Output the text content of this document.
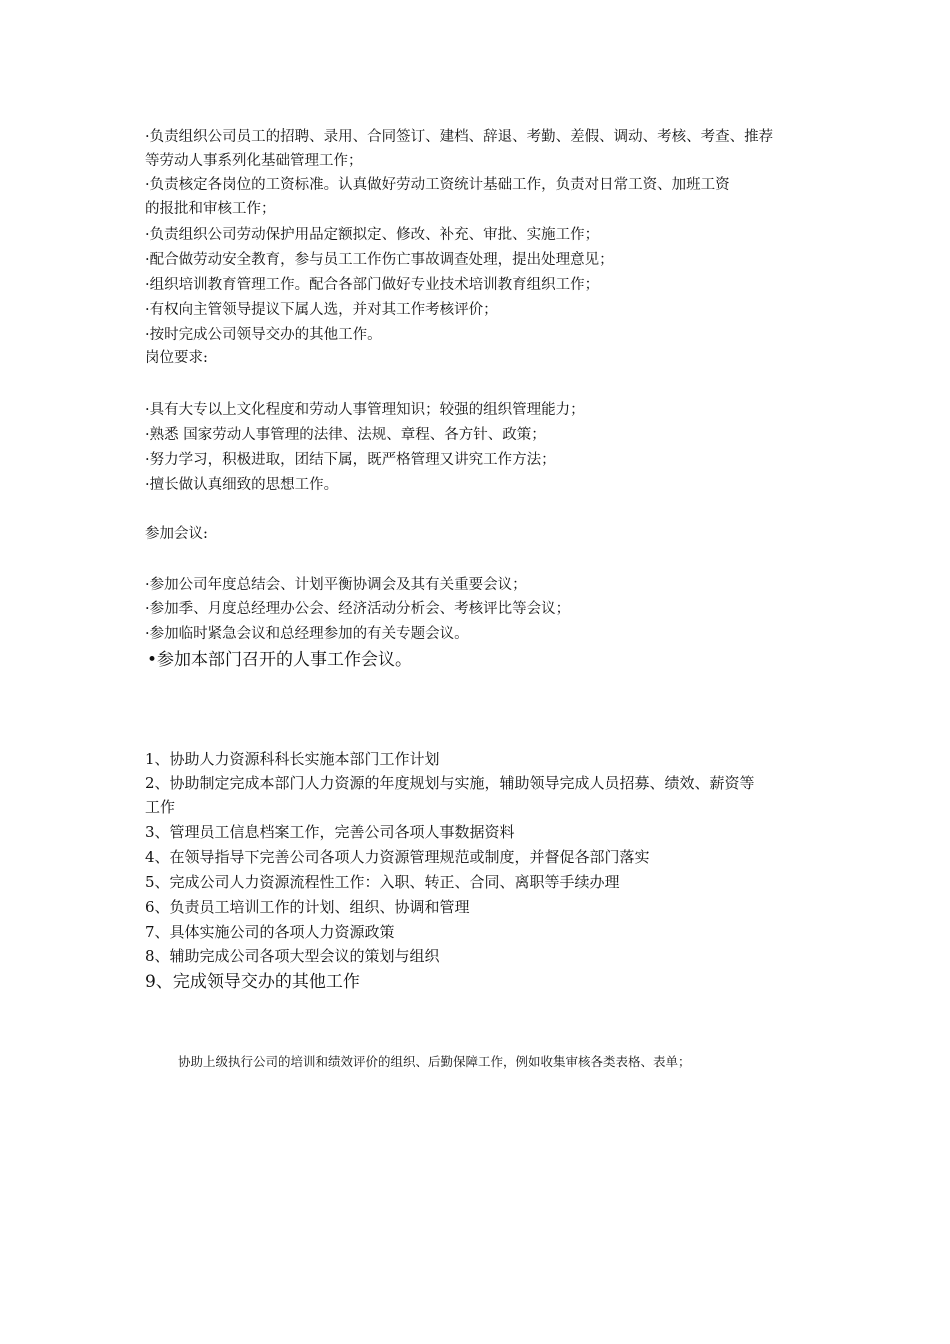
·负责组织公司员工的招聘、录用、合同签订、建档、辞退、考勤、差假、调动、考核、考查、推荐
等劳动人事系列化基础管理工作；
·负责核定各岗位的工资标准。认真做好劳动工资统计基础工作，负责对日常工资、加班工资
的报批和审核工作；
·负责组织公司劳动保护用品定额拟定、修改、补充、审批、实施工作；
·配合做劳动安全教育，参与员工工作伤亡事故调查处理，提出处理意见；
·组织培训教育管理工作。配合各部门做好专业技术培训教育组织工作；
·有权向主管领导提议下属人选，并对其工作考核评价；
·按时完成公司领导交办的其他工作。
岗位要求:
·具有大专以上文化程度和劳动人事管理知识；较强的组织管理能力；
·熟悉 国家劳动人事管理的法律、法规、章程、各方针、政策；
·努力学习，积极进取，团结下属，既严格管理又讲究工作方法；
·擅长做认真细致的思想工作。
参加会议:
·参加公司年度总结会、计划平衡协调会及其有关重要会议；
·参加季、月度总经理办公会、经济活动分析会、考核评比等会议；
·参加临时紧急会议和总经理参加的有关专题会议。
•参加本部门召开的人事工作会议。
1、协助人力资源科科长实施本部门工作计划
2、协助制定完成本部门人力资源的年度规划与实施，辅助领导完成人员招募、绩效、薪资等
工作
3、管理员工信息档案工作，完善公司各项人事数据资料
4、在领导指导下完善公司各项人力资源管理规范或制度，并督促各部门落实
5、完成公司人力资源流程性工作：入职、转正、合同、离职等手续办理
6、负责员工培训工作的计划、组织、协调和管理
7、具体实施公司的各项人力资源政策
8、辅助完成公司各项大型会议的策划与组织
9、完成领导交办的其他工作
协助上级执行公司的培训和绩效评价的组织、后勤保障工作，例如收集审核各类表格、表单；
